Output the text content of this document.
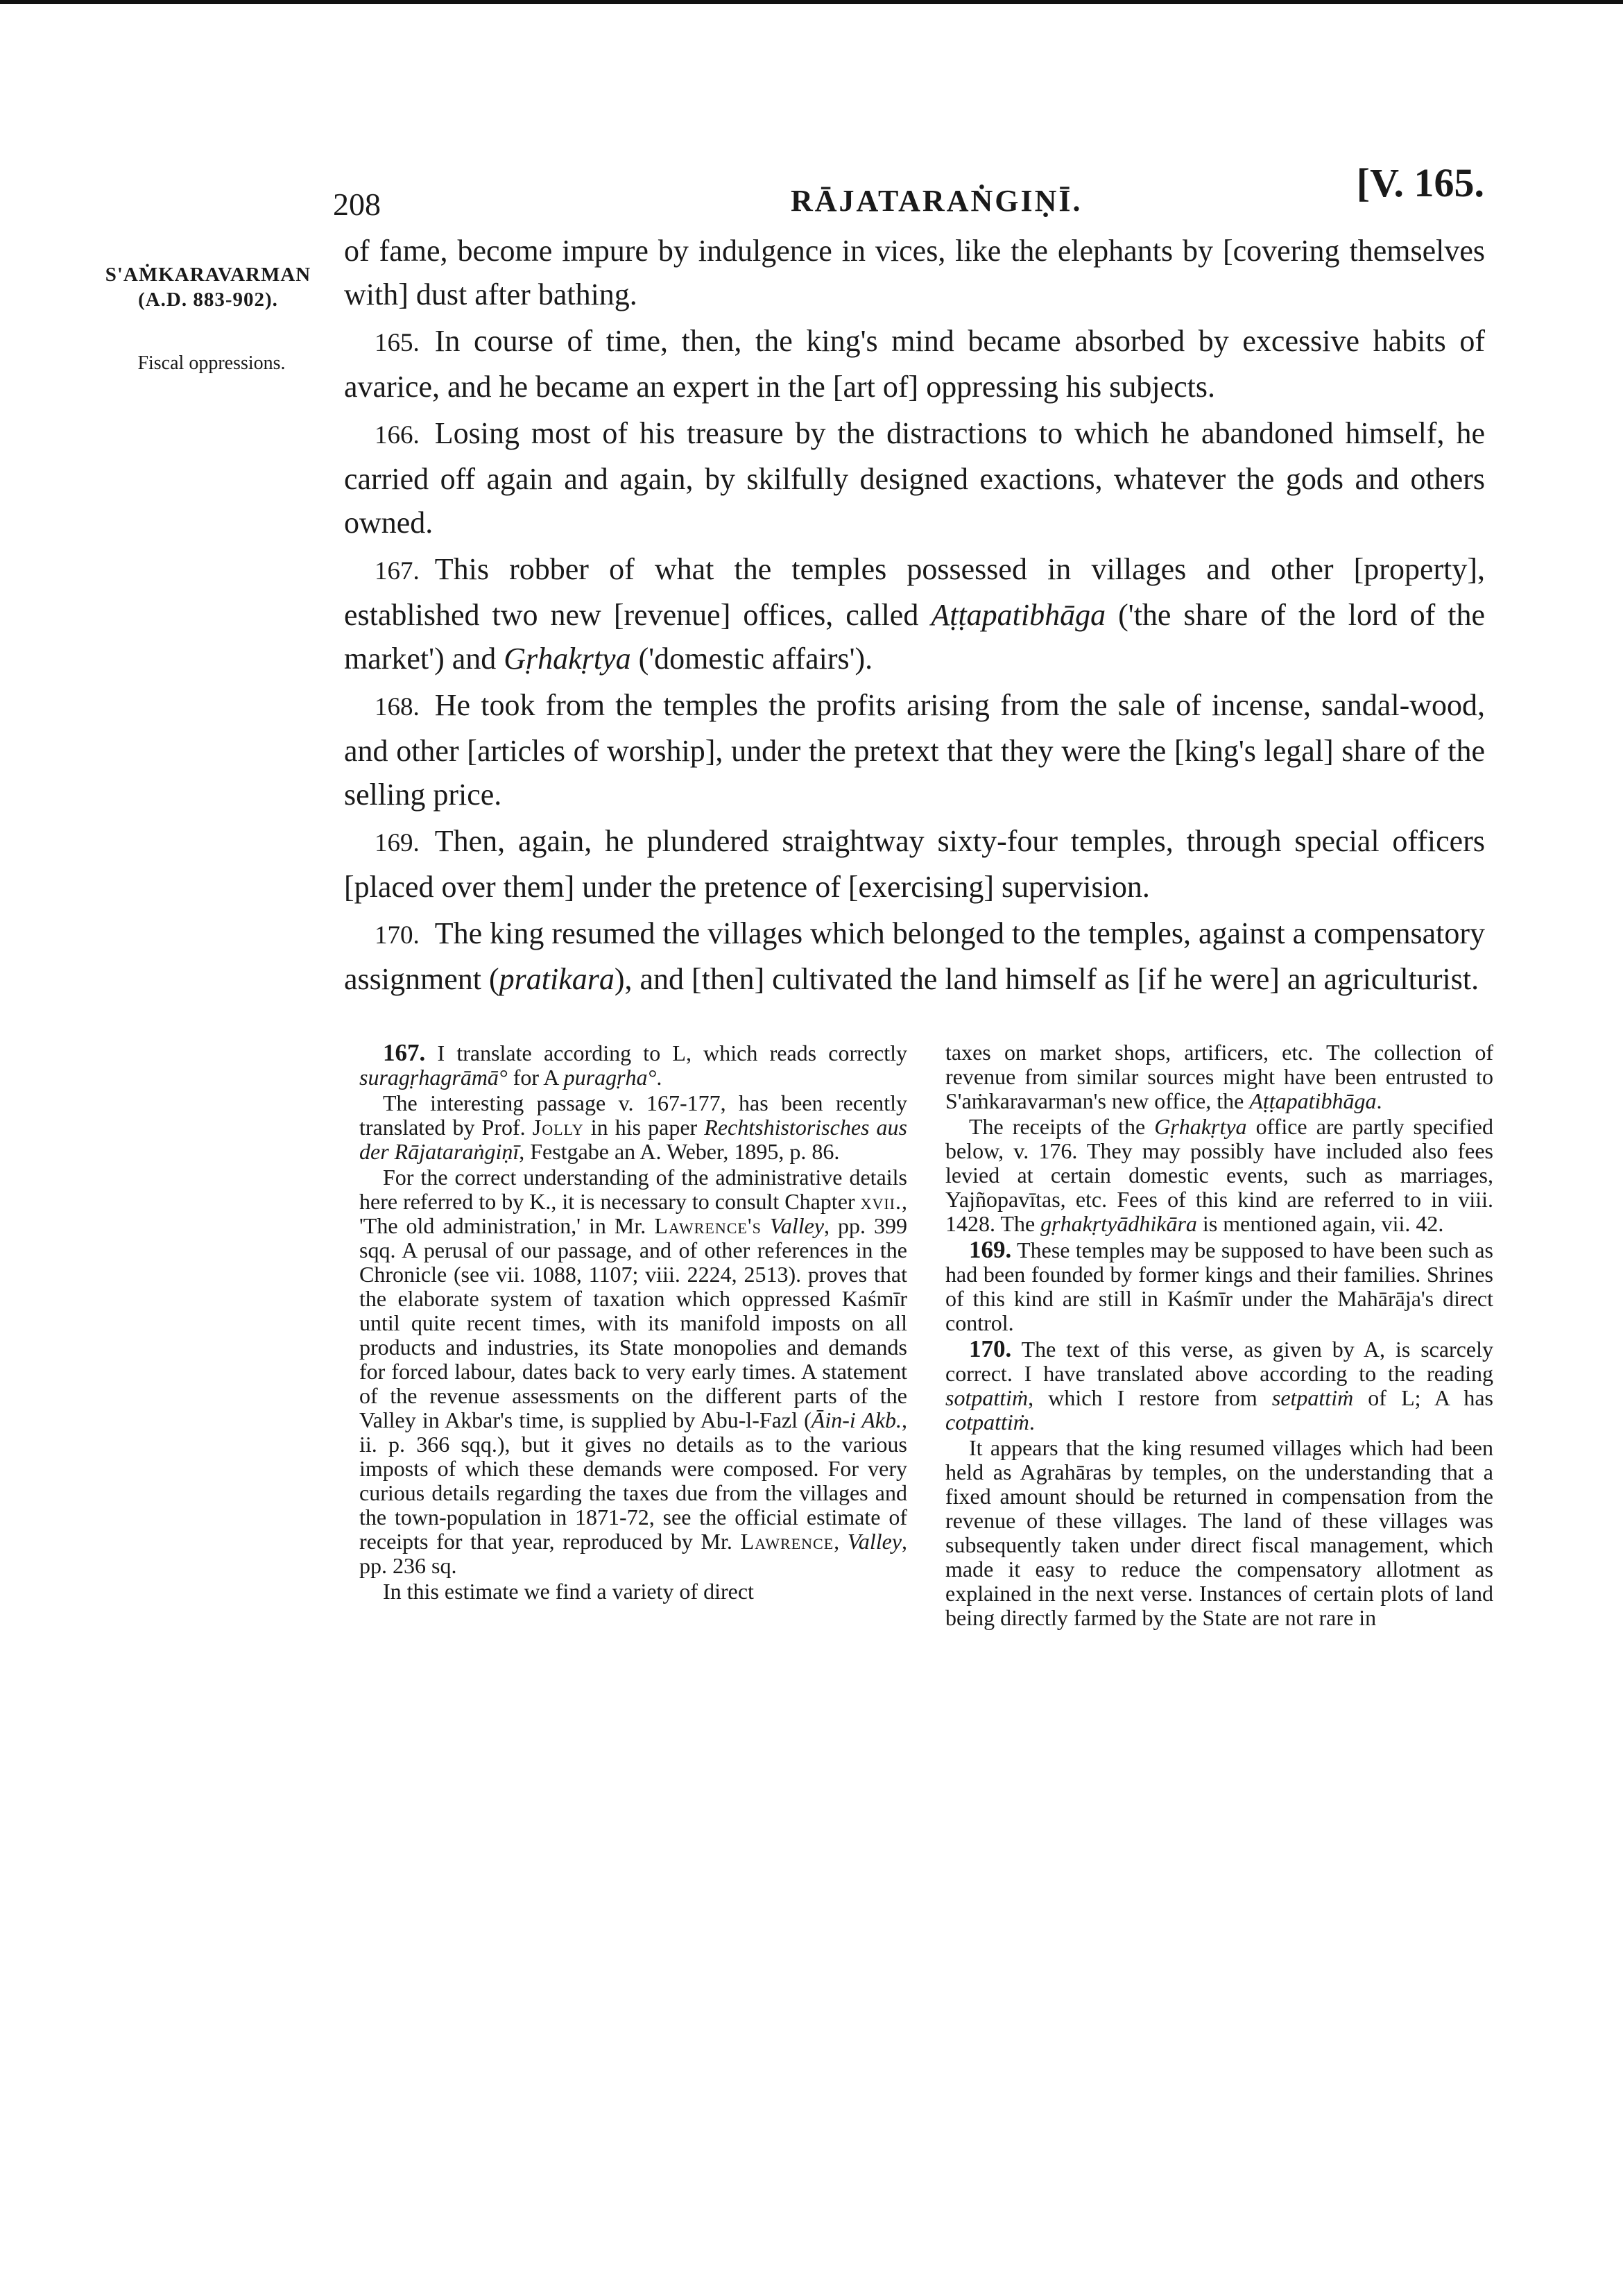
208	RĀJATARAṄGIṆĪ.	[V. 165.
S'AṀKARAVARMAN
(A.D. 883-902).
Fiscal oppressions.

of fame, become impure by indulgence in vices, like the elephants by [covering themselves with] dust after bathing.

165. In course of time, then, the king's mind became absorbed by excessive habits of avarice, and he became an expert in the [art of] oppressing his subjects.

166. Losing most of his treasure by the distractions to which he abandoned himself, he carried off again and again, by skilfully designed exactions, whatever the gods and others owned.

167. This robber of what the temples possessed in villages and other [property], established two new [revenue] offices, called Aṭṭapatibhāga ('the share of the lord of the market') and Gṛhakṛtya ('domestic affairs').

168. He took from the temples the profits arising from the sale of incense, sandal-wood, and other [articles of worship], under the pretext that they were the [king's legal] share of the selling price.

169. Then, again, he plundered straightway sixty-four temples, through special officers [placed over them] under the pretence of [exercising] supervision.

170. The king resumed the villages which belonged to the temples, against a compensatory assignment (pratikara), and [then] cultivated the land himself as [if he were] an agriculturist.

167. I translate according to L, which reads correctly suragṛhagrāmā° for A puragṛha°.

The interesting passage v. 167-177, has been recently translated by Prof. Jolly in his paper Rechtshistorisches aus der Rājataraṅgiṇī, Festgabe an A. Weber, 1895, p. 86.

For the correct understanding of the administrative details here referred to by K., it is necessary to consult Chapter xvii., 'The old administration,' in Mr. Lawrence's Valley, pp. 399 sqq. A perusal of our passage, and of other references in the Chronicle (see vii. 1088, 1107; viii. 2224, 2513). proves that the elaborate system of taxation which oppressed Kaśmīr until quite recent times, with its manifold imposts on all products and industries, its State monopolies and demands for forced labour, dates back to very early times. A statement of the revenue assessments on the different parts of the Valley in Akbar's time, is supplied by Abu-l-Fazl (Āin-i Akb., ii. p. 366 sqq.), but it gives no details as to the various imposts of which these demands were composed. For very curious details regarding the taxes due from the villages and the town-population in 1871-72, see the official estimate of receipts for that year, reproduced by Mr. Lawrence, Valley, pp. 236 sq.

In this estimate we find a variety of direct

taxes on market shops, artificers, etc. The collection of revenue from similar sources might have been entrusted to S'aṁkaravarman's new office, the Aṭṭapatibhāga.

The receipts of the Gṛhakṛtya office are partly specified below, v. 176. They may possibly have included also fees levied at certain domestic events, such as marriages, Yajñopavītas, etc. Fees of this kind are referred to in viii. 1428. The gṛhakṛtyādhikāra is mentioned again, vii. 42.

169. These temples may be supposed to have been such as had been founded by former kings and their families. Shrines of this kind are still in Kaśmīr under the Mahārāja's direct control.

170. The text of this verse, as given by A, is scarcely correct. I have translated above according to the reading sotpattiṁ, which I restore from setpattiṁ of L; A has cotpattiṁ.

It appears that the king resumed villages which had been held as Agrahāras by temples, on the understanding that a fixed amount should be returned in compensation from the revenue of these villages. The land of these villages was subsequently taken under direct fiscal management, which made it easy to reduce the compensatory allotment as explained in the next verse. Instances of certain plots of land being directly farmed by the State are not rare in
